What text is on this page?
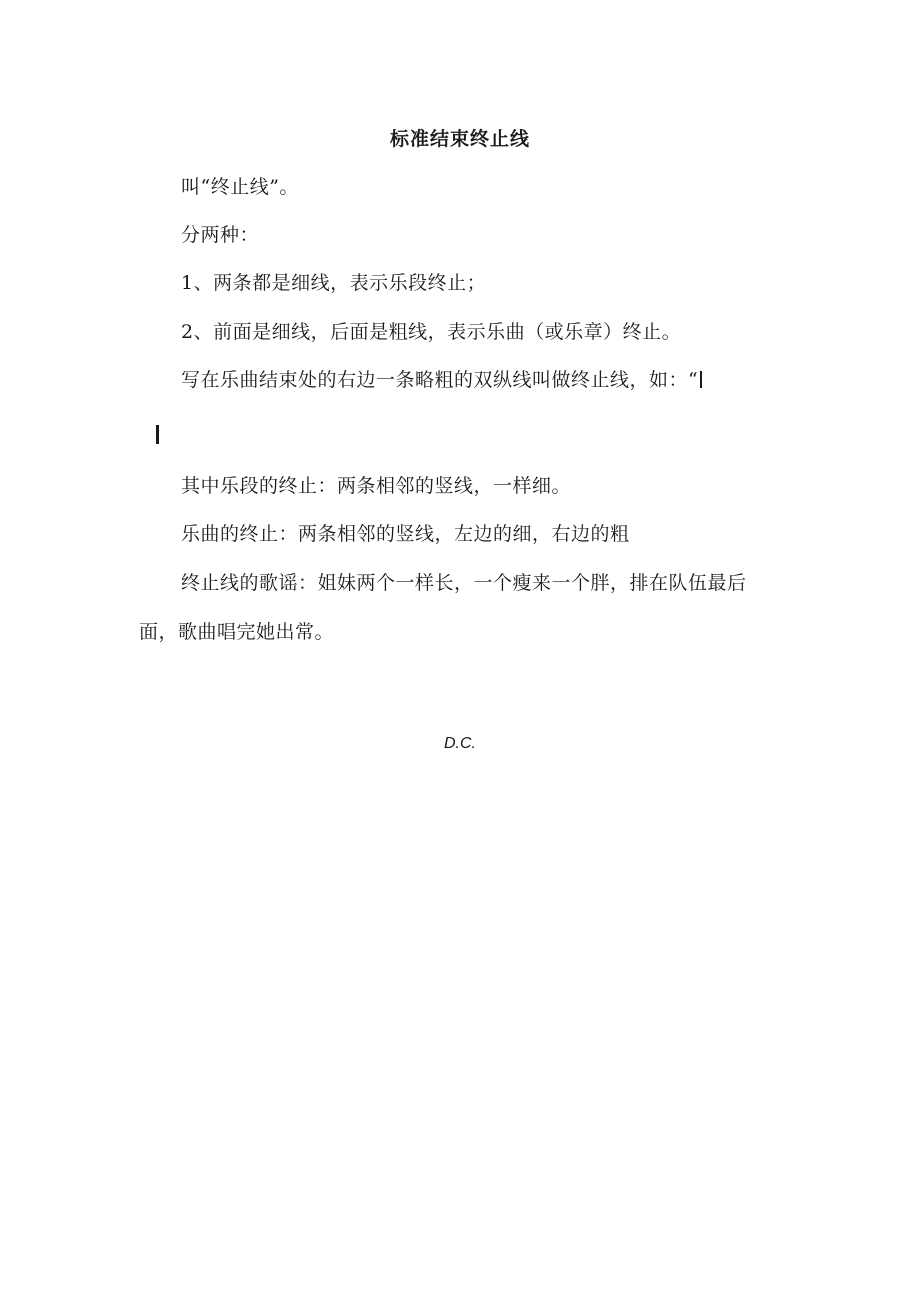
标准结束终止线
叫“终止线”。
分两种：
1、两条都是细线，表示乐段终止；
2、前面是细线，后面是粗线，表示乐曲（或乐章）终止。
写在乐曲结束处的右边一条略粗的双纵线叫做终止线，如：“
其中乐段的终止：两条相邻的竖线，一样细。
乐曲的终止：两条相邻的竖线，左边的细，右边的粗
终止线的歌谣：姐妹两个一样长，一个瘦来一个胖，排在队伍最后
面，歌曲唱完她出常。
D.C.
